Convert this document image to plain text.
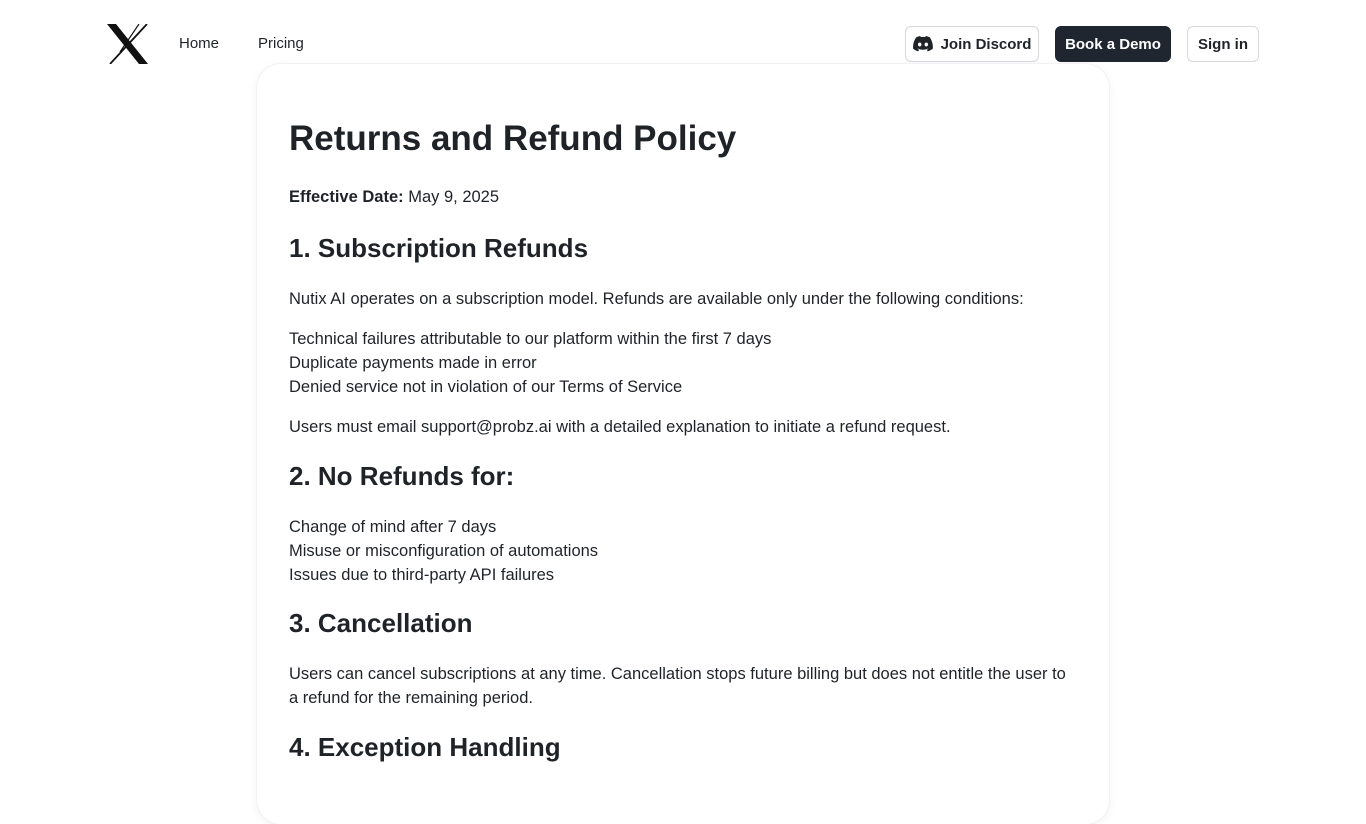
Home	Pricing	Join Discord	Book a Demo	Sign in
Returns and Refund Policy
Effective Date: May 9, 2025
1. Subscription Refunds

Nutix AI operates on a subscription model. Refunds are available only under the following conditions:

Technical failures attributable to our platform within the first 7 days
Duplicate payments made in error
Denied service not in violation of our Terms of Service

Users must email support@probz.ai with a detailed explanation to initiate a refund request.

2. No Refunds for:
Change of mind after 7 days
Misuse or misconfiguration of automations
Issues due to third-party API failures
3. Cancellation

Users can cancel subscriptions at any time. Cancellation stops future billing but does not entitle the user to a refund for the remaining period.

4. Exception Handling
